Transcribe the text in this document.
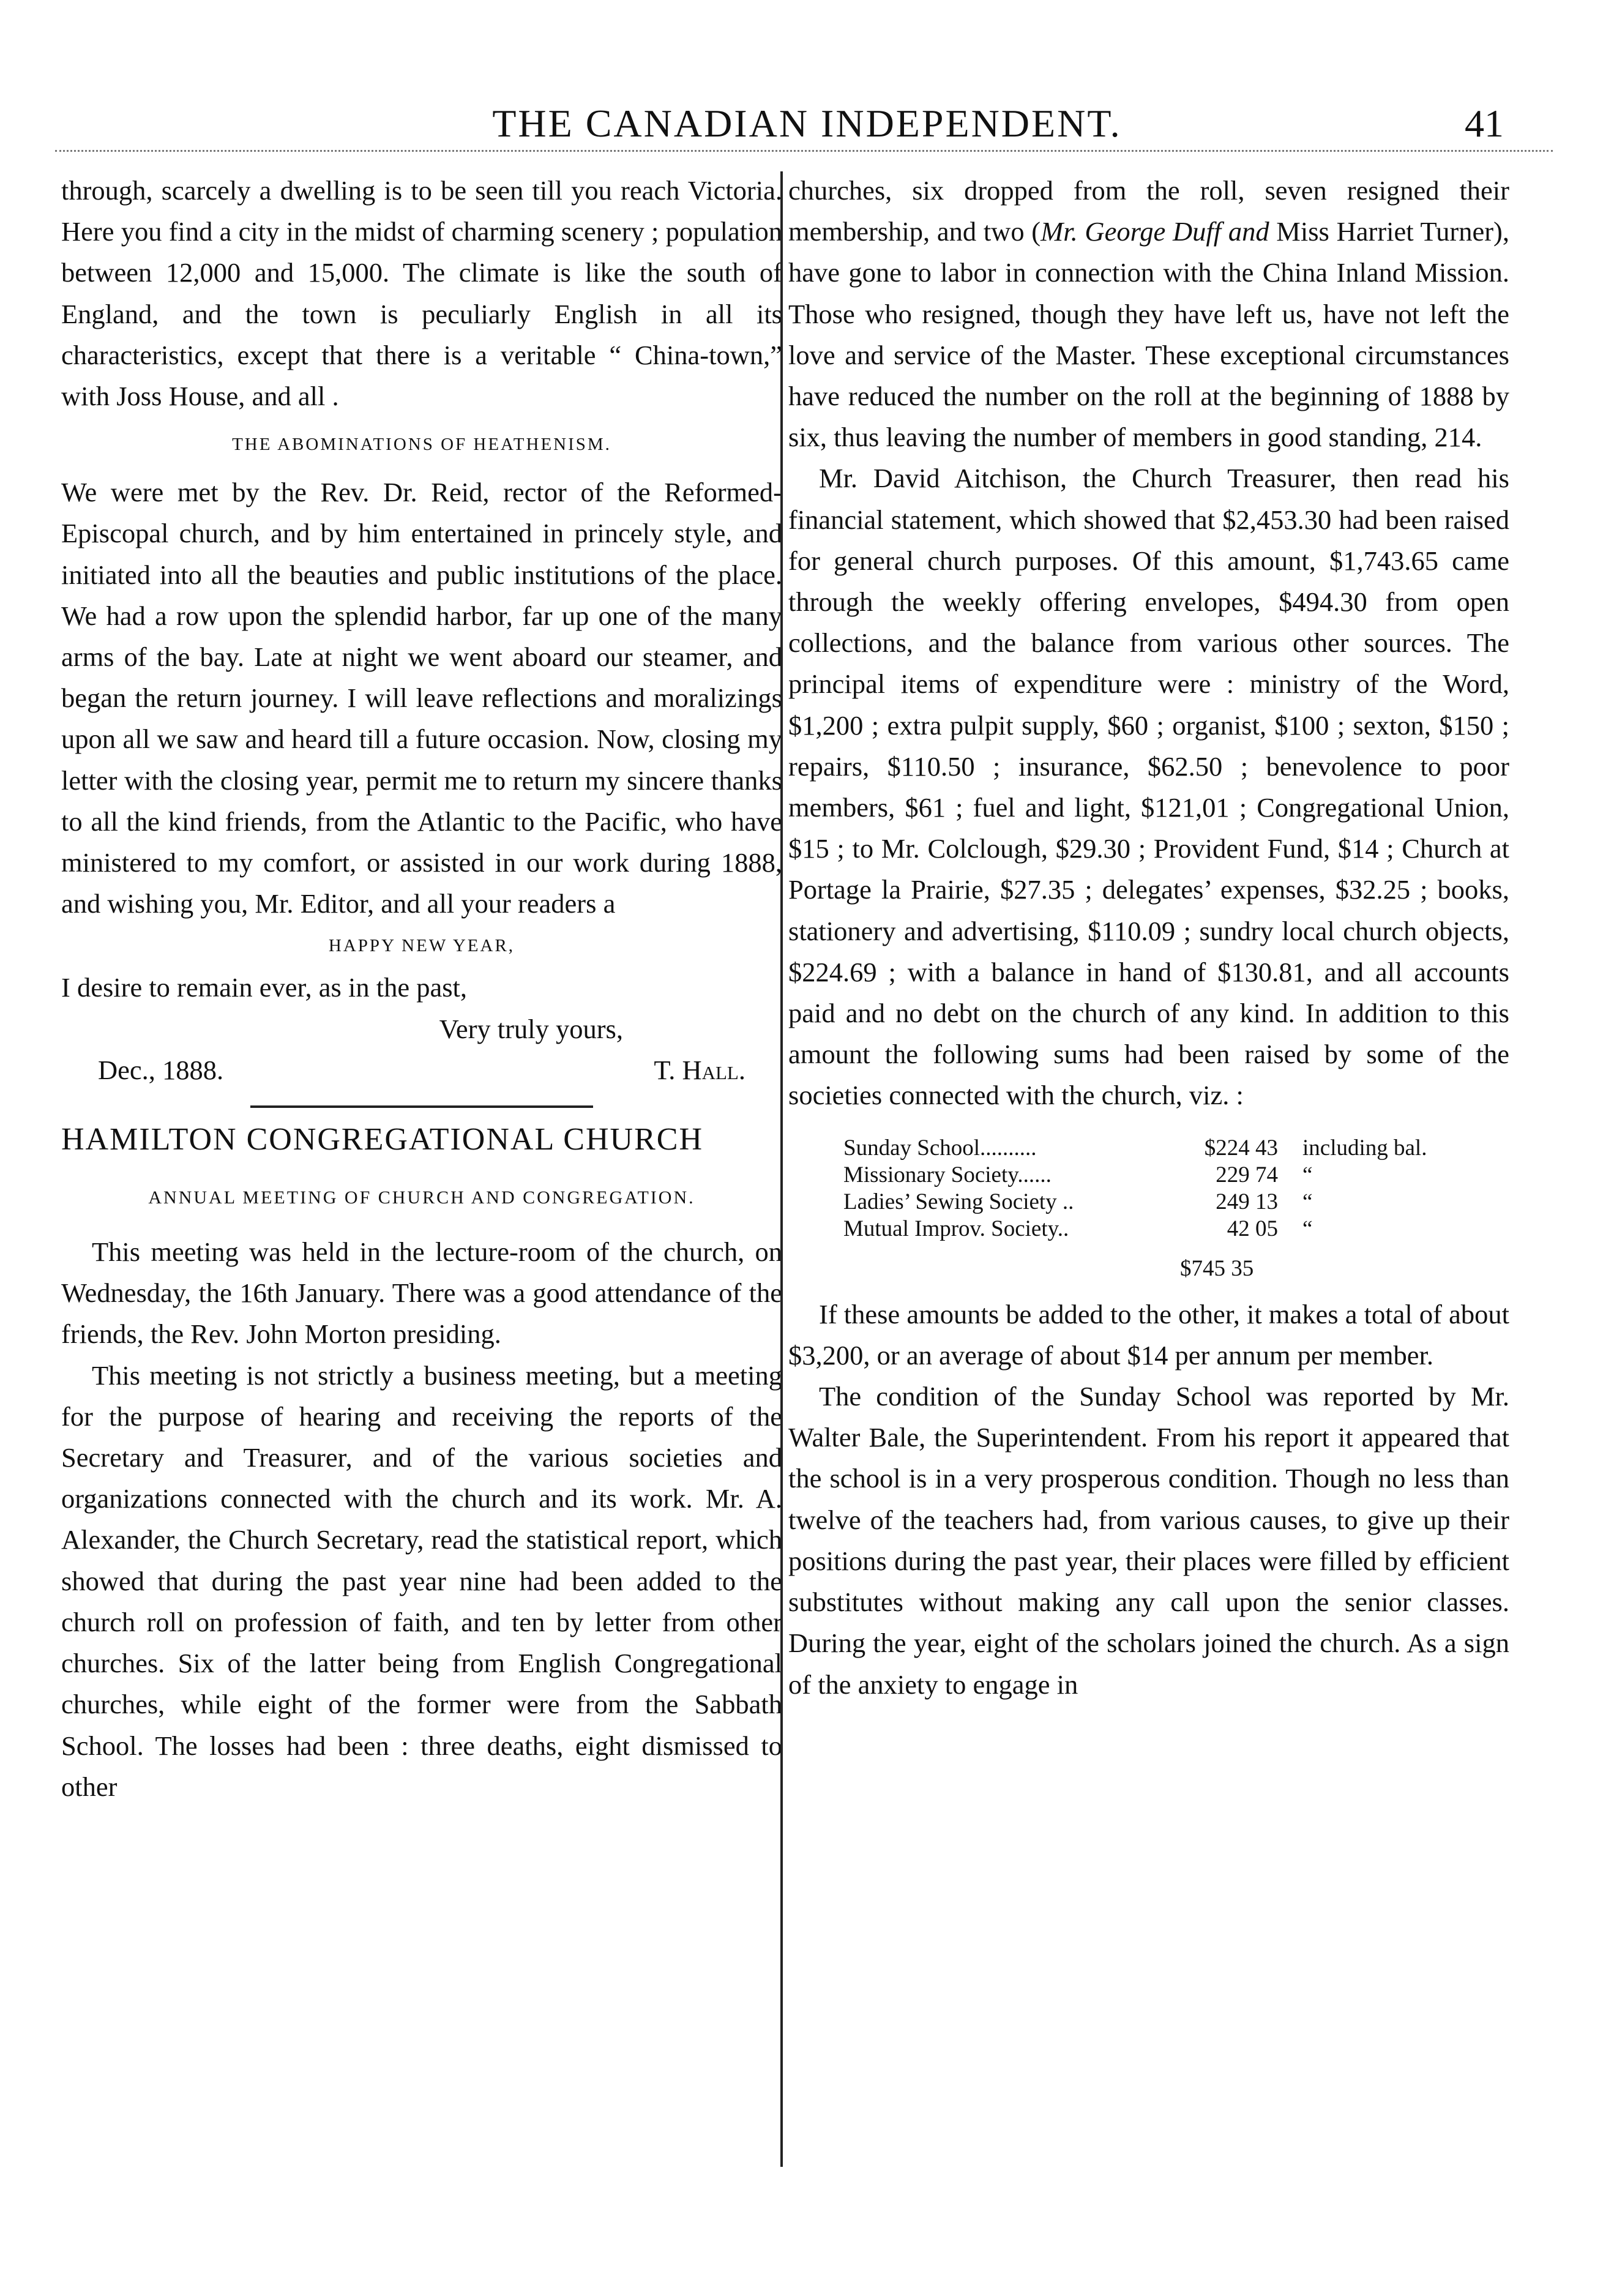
THE CANADIAN INDEPENDENT.	41

through, scarcely a dwelling is to be seen till you reach Victoria. Here you find a city in the midst of charming scenery ; population between 12,000 and 15,000. The climate is like the south of England, and the town is peculiarly English in all its characteristics, except that there is a veritable “ China-town,” with Joss House, and all .

THE ABOMINATIONS OF HEATHENISM.

We were met by the Rev. Dr. Reid, rector of the Reformed-Episcopal church, and by him entertained in princely style, and initiated into all the beauties and public institutions of the place. We had a row upon the splendid harbor, far up one of the many arms of the bay. Late at night we went aboard our steamer, and began the return journey. I will leave reflections and moralizings upon all we saw and heard till a future occasion. Now, closing my letter with the closing year, permit me to return my sincere thanks to all the kind friends, from the Atlantic to the Pacific, who have ministered to my comfort, or assisted in our work during 1888, and wishing you, Mr. Editor, and all your readers a

HAPPY NEW YEAR,

I desire to remain ever, as in the past,

Very truly yours,
Dec., 1888.	T. Hall.
HAMILTON CONGREGATIONAL CHURCH
ANNUAL MEETING OF CHURCH AND CONGREGATION.

This meeting was held in the lecture-room of the church, on Wednesday, the 16th January. There was a good attendance of the friends, the Rev. John Morton presiding.

This meeting is not strictly a business meeting, but a meeting for the purpose of hearing and receiving the reports of the Secretary and Treasurer, and of the various societies and organizations connected with the church and its work. Mr. A. Alexander, the Church Secretary, read the statistical report, which showed that during the past year nine had been added to the church roll on profession of faith, and ten by letter from other churches. Six of the latter being from English Congregational churches, while eight of the former were from the Sabbath School. The losses had been : three deaths, eight dismissed to other

churches, six dropped from the roll, seven resigned their membership, and two (Mr. George Duff and Miss Harriet Turner), have gone to labor in connection with the China Inland Mission. Those who resigned, though they have left us, have not left the love and service of the Master. These exceptional circumstances have reduced the number on the roll at the beginning of 1888 by six, thus leaving the number of members in good standing, 214.

Mr. David Aitchison, the Church Treasurer, then read his financial statement, which showed that $2,453.30 had been raised for general church purposes. Of this amount, $1,743.65 came through the weekly offering envelopes, $494.30 from open collections, and the balance from various other sources. The principal items of expenditure were : ministry of the Word, $1,200 ; extra pulpit supply, $60 ; organist, $100 ; sexton, $150 ; repairs, $110.50 ; insurance, $62.50 ; benevolence to poor members, $61 ; fuel and light, $121,01 ; Congregational Union, $15 ; to Mr. Colclough, $29.30 ; Provident Fund, $14 ; Church at Portage la Prairie, $27.35 ; delegates’ expenses, $32.25 ; books, stationery and advertising, $110.09 ; sundry local church objects, $224.69 ; with a balance in hand of $130.81, and all accounts paid and no debt on the church of any kind. In addition to this amount the following sums had been raised by some of the societies connected with the church, viz. :

Sunday School..........	$224 43	including bal.
Missionary Society......	229 74	“
Ladies’ Sewing Society ..	249 13	“
Mutual Improv. Society..	42 05	“
$745 35

If these amounts be added to the other, it makes a total of about $3,200, or an average of about $14 per annum per member.

The condition of the Sunday School was reported by Mr. Walter Bale, the Superintendent. From his report it appeared that the school is in a very prosperous condition. Though no less than twelve of the teachers had, from various causes, to give up their positions during the past year, their places were filled by efficient substitutes without making any call upon the senior classes. During the year, eight of the scholars joined the church. As a sign of the anxiety to engage in
